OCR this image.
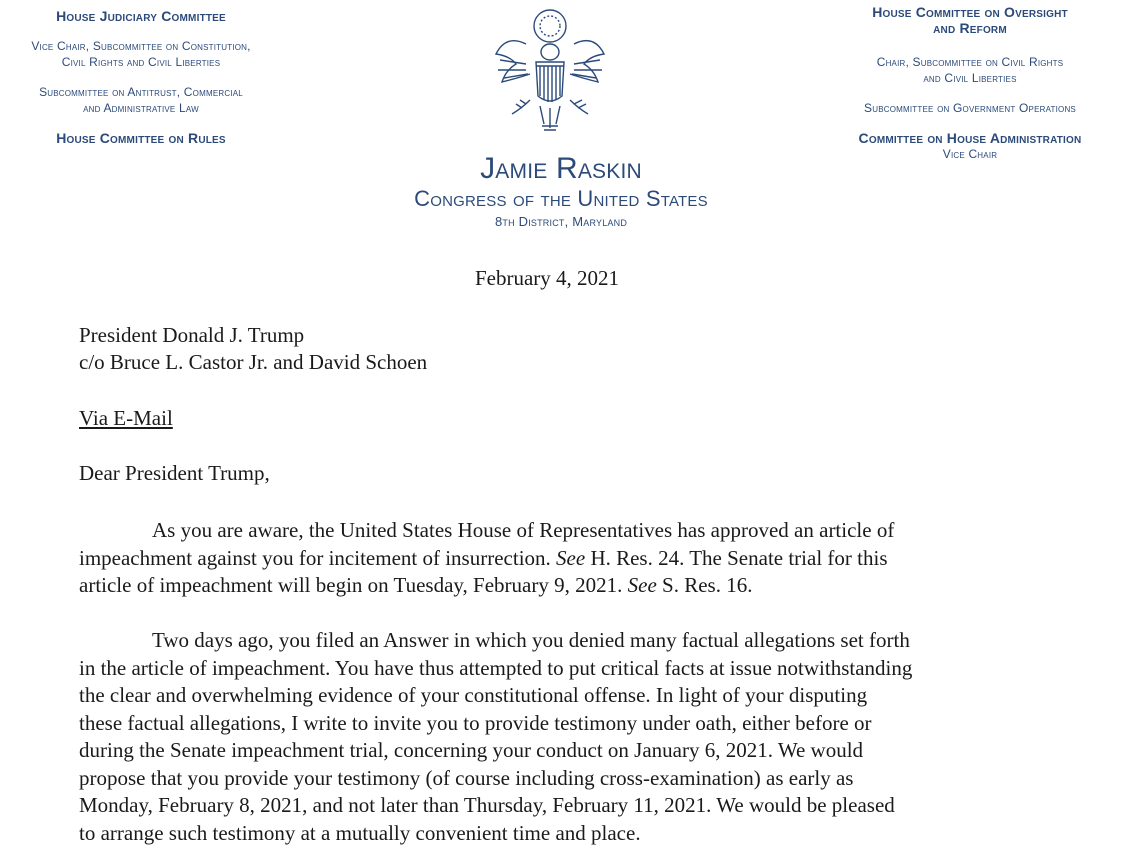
House Judiciary Committee

Vice Chair, Subcommittee on Constitution,

Civil Rights and Civil Liberties

Subcommittee on Antitrust, Commercial

and Administrative Law

House Committee on Rules

House Committee on Oversight

and Reform

Chair, Subcommittee on Civil Rights

and Civil Liberties

Subcommittee on Government Operations

Committee on House Administration

Vice Chair

Jamie Raskin

Congress of the United States

8th District, Maryland

February 4, 2021
President Donald J. Trump
c/o Bruce L. Castor Jr. and David Schoen
Via E-Mail
Dear President Trump,
As you are aware, the United States House of Representatives has approved an article of
impeachment against you for incitement of insurrection. See H. Res. 24. The Senate trial for this
article of impeachment will begin on Tuesday, February 9, 2021. See S. Res. 16.
Two days ago, you filed an Answer in which you denied many factual allegations set forth
in the article of impeachment. You have thus attempted to put critical facts at issue notwithstanding
the clear and overwhelming evidence of your constitutional offense. In light of your disputing
these factual allegations, I write to invite you to provide testimony under oath, either before or
during the Senate impeachment trial, concerning your conduct on January 6, 2021. We would
propose that you provide your testimony (of course including cross-examination) as early as
Monday, February 8, 2021, and not later than Thursday, February 11, 2021. We would be pleased
to arrange such testimony at a mutually convenient time and place.
